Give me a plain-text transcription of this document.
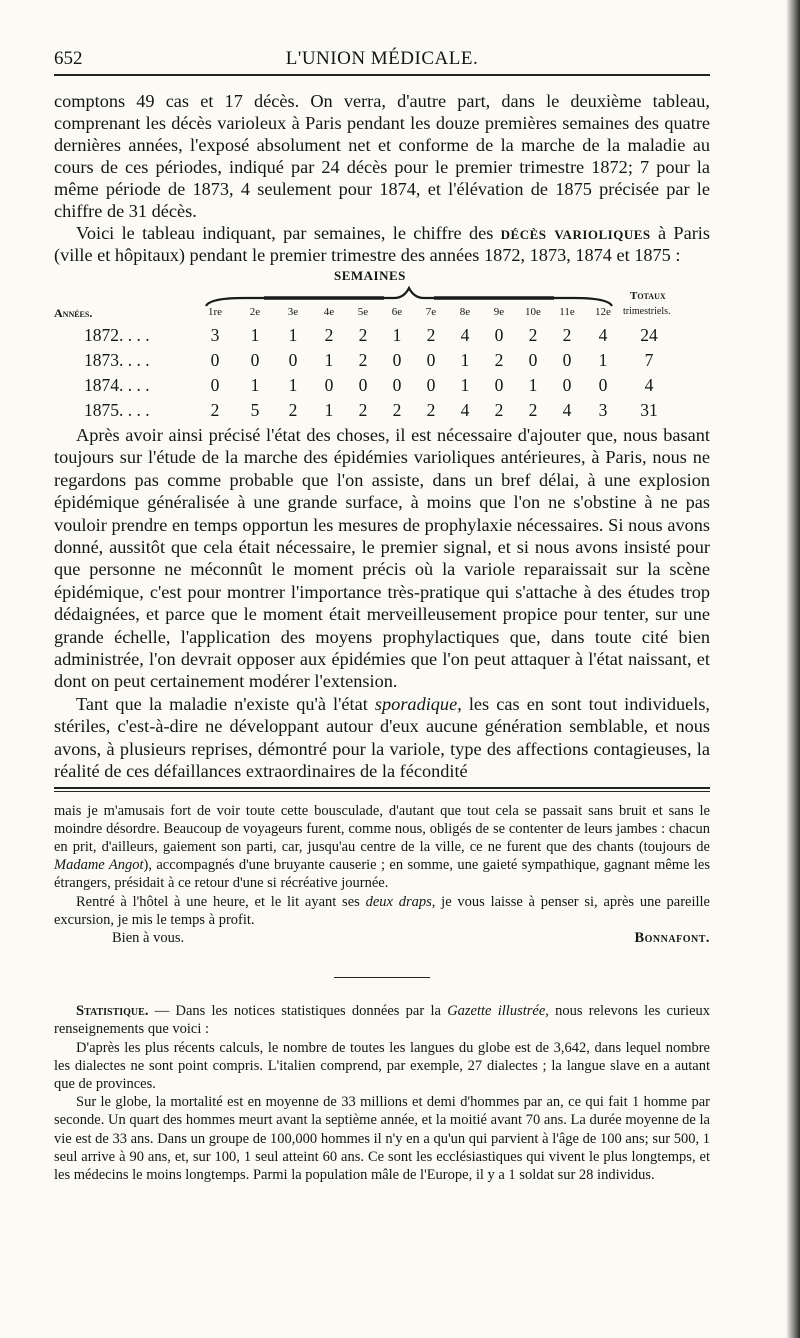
652	L'UNION MÉDICALE.

comptons 49 cas et 17 décès. On verra, d'autre part, dans le deuxième tableau, comprenant les décès varioleux à Paris pendant les douze premières semaines des quatre dernières années, l'exposé absolument net et conforme de la marche de la maladie au cours de ces périodes, indiqué par 24 décès pour le premier trimestre 1872; 7 pour la même période de 1873, 4 seulement pour 1874, et l'élévation de 1875 précisée par le chiffre de 31 décès.

Voici le tableau indiquant, par semaines, le chiffre des décès varioliques à Paris (ville et hôpitaux) pendant le premier trimestre des années 1872, 1873, 1874 et 1875 :

SEMAINES
Totaux
trimestriels.
Années.	1re	2e	3e	4e	5e	6e	7e	8e	9e	10e	11e	12e
1872. . . .	3	1	1	2	2	1	2	4	0	2	2	4	24
1873. . . .	0	0	0	1	2	0	0	1	2	0	0	1	7
1874. . . .	0	1	1	0	0	0	0	1	0	1	0	0	4
1875. . . .	2	5	2	1	2	2	2	4	2	2	4	3	31

Après avoir ainsi précisé l'état des choses, il est nécessaire d'ajouter que, nous basant toujours sur l'étude de la marche des épidémies varioliques antérieures, à Paris, nous ne regardons pas comme probable que l'on assiste, dans un bref délai, à une explosion épidémique généralisée à une grande surface, à moins que l'on ne s'obstine à ne pas vouloir prendre en temps opportun les mesures de prophylaxie nécessaires. Si nous avons donné, aussitôt que cela était nécessaire, le premier signal, et si nous avons insisté pour que personne ne méconnût le moment précis où la variole reparaissait sur la scène épidémique, c'est pour montrer l'importance très-pratique qui s'attache à des études trop dédaignées, et parce que le moment était merveilleusement propice pour tenter, sur une grande échelle, l'application des moyens prophylactiques que, dans toute cité bien administrée, l'on devrait opposer aux épidémies que l'on peut attaquer à l'état naissant, et dont on peut certainement modérer l'extension.

Tant que la maladie n'existe qu'à l'état sporadique, les cas en sont tout individuels, stériles, c'est-à-dire ne développant autour d'eux aucune génération semblable, et nous avons, à plusieurs reprises, démontré pour la variole, type des affections contagieuses, la réalité de ces défaillances extraordinaires de la fécondité

mais je m'amusais fort de voir toute cette bousculade, d'autant que tout cela se passait sans bruit et sans le moindre désordre. Beaucoup de voyageurs furent, comme nous, obligés de se contenter de leurs jambes : chacun en prit, d'ailleurs, gaiement son parti, car, jusqu'au centre de la ville, ce ne furent que des chants (toujours de Madame Angot), accompagnés d'une bruyante causerie ; en somme, une gaieté sympathique, gagnant même les étrangers, présidait à ce retour d'une si récréative journée.

Rentré à l'hôtel à une heure, et le lit ayant ses deux draps, je vous laisse à penser si, après une pareille excursion, je mis le temps à profit.

Bien à vous.	Bonnafont.

Statistique. — Dans les notices statistiques données par la Gazette illustrée, nous relevons les curieux renseignements que voici :

D'après les plus récents calculs, le nombre de toutes les langues du globe est de 3,642, dans lequel nombre les dialectes ne sont point compris. L'italien comprend, par exemple, 27 dialectes ; la langue slave en a autant que de provinces.

Sur le globe, la mortalité est en moyenne de 33 millions et demi d'hommes par an, ce qui fait 1 homme par seconde. Un quart des hommes meurt avant la septième année, et la moitié avant 70 ans. La durée moyenne de la vie est de 33 ans. Dans un groupe de 100,000 hommes il n'y en a qu'un qui parvient à l'âge de 100 ans; sur 500, 1 seul arrive à 90 ans, et, sur 100, 1 seul atteint 60 ans. Ce sont les ecclésiastiques qui vivent le plus longtemps, et les médecins le moins longtemps. Parmi la population mâle de l'Europe, il y a 1 soldat sur 28 individus.
